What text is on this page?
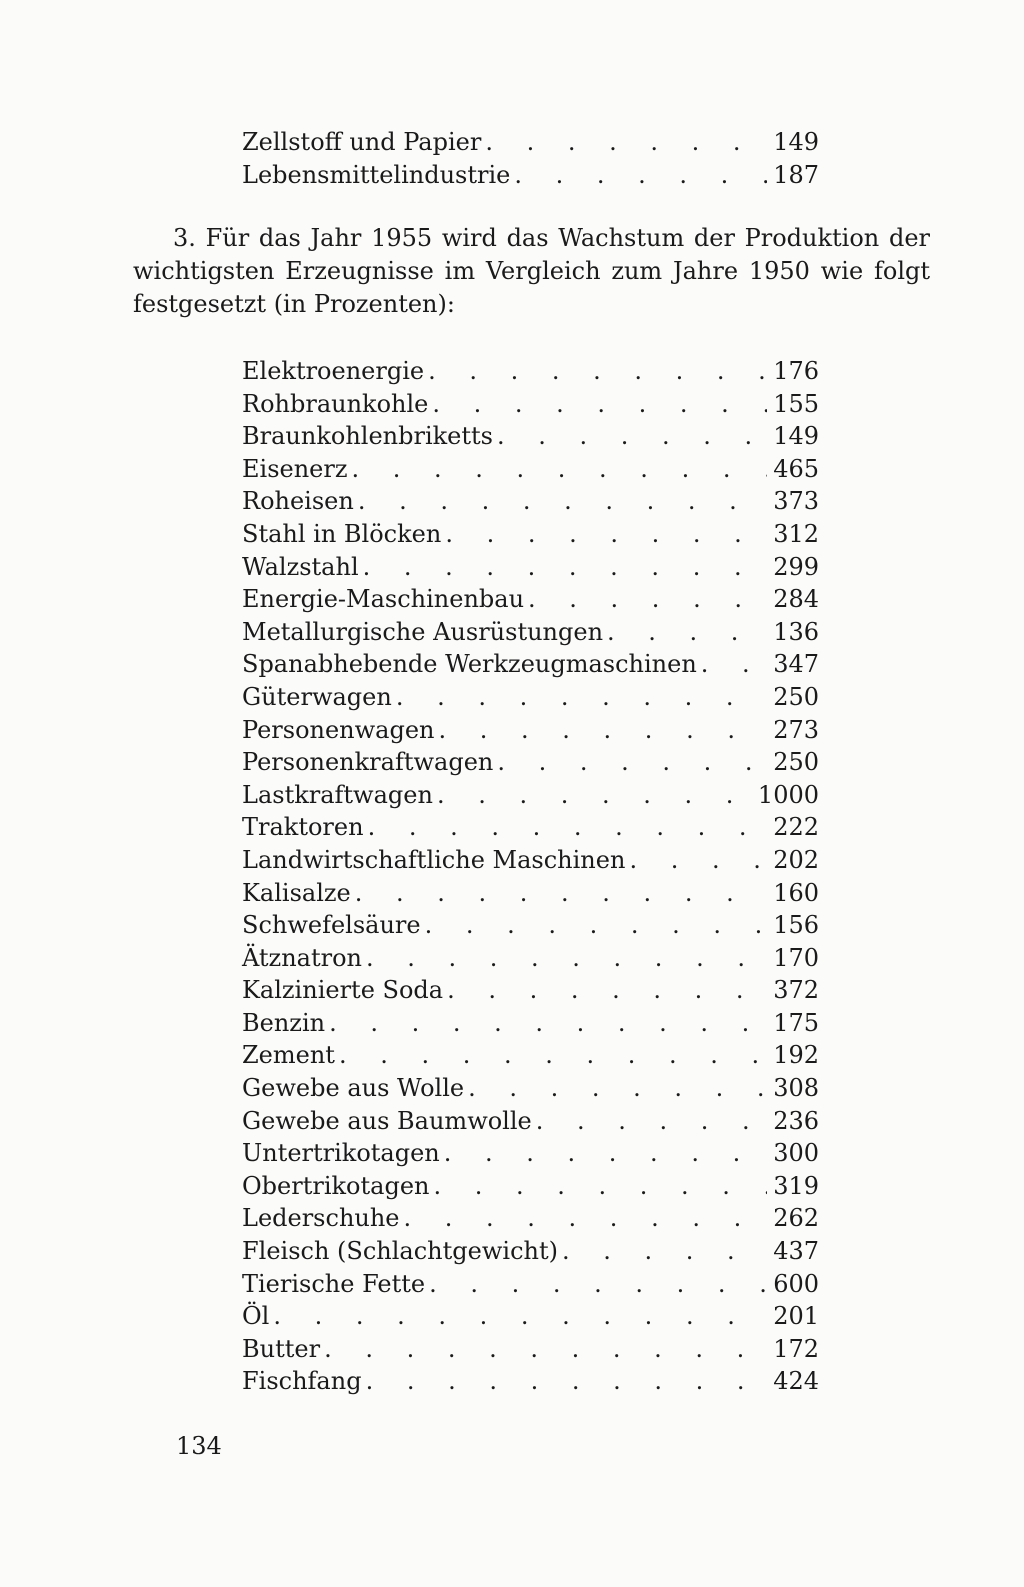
Zellstoff und Papier . . .	149
Lebensmittelindustrie . . .	187

3. Für das Jahr 1955 wird das Wachstum der Produktion der wichtigsten Erzeugnisse im Vergleich zum Jahre 1950 wie folgt festgesetzt (in Prozenten):

Elektroenergie . . .	176
Rohbraunkohle . . .	155
Braunkohlenbriketts . . .	149
Eisenerz . . .	465
Roheisen . . .	373
Stahl in Blöcken . . .	312
Walzstahl . . .	299
Energie-Maschinenbau . . .	284
Metallurgische Ausrüstungen . . .	136
Spanabhebende Werkzeugmaschinen . . .	347
Güterwagen . . .	250
Personenwagen . . .	273
Personenkraftwagen . . .	250
Lastkraftwagen . . .	1000
Traktoren . . .	222
Landwirtschaftliche Maschinen . . .	202
Kalisalze . . .	160
Schwefelsäure . . .	156
Ätznatron . . .	170
Kalzinierte Soda . . .	372
Benzin . . .	175
Zement . . .	192
Gewebe aus Wolle . . .	308
Gewebe aus Baumwolle . . .	236
Untertrikotagen . . .	300
Obertrikotagen . . .	319
Lederschuhe . . .	262
Fleisch (Schlachtgewicht) . . .	437
Tierische Fette . . .	600
Öl . . .	201
Butter . . .	172
Fischfang . . .	424
134
